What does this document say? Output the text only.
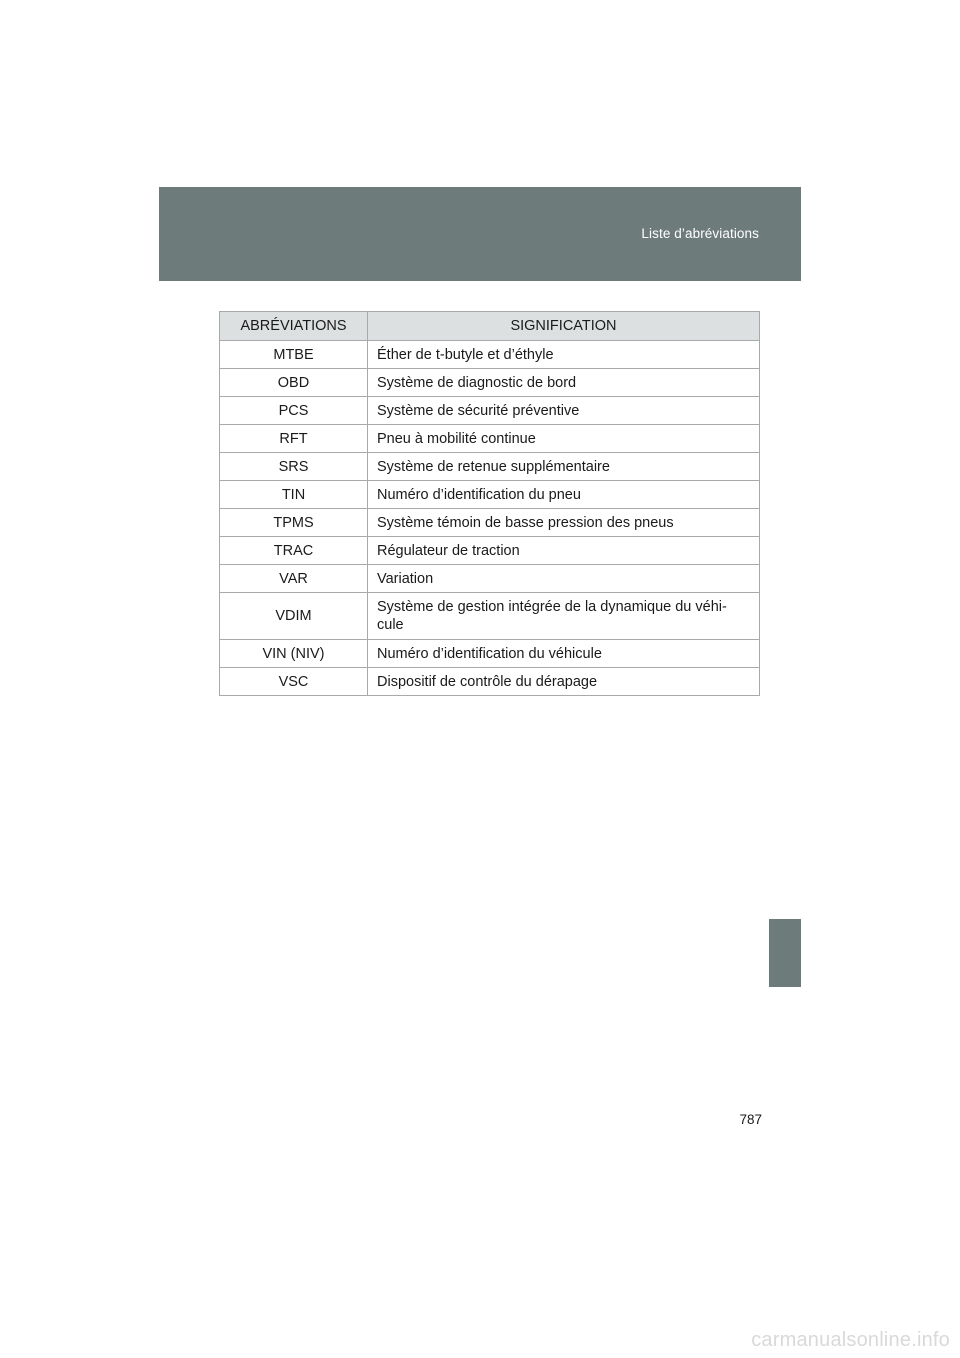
Liste d’abréviations
ABRÉVIATIONS	SIGNIFICATION
MTBE	Éther de t-butyle et d’éthyle
OBD	Système de diagnostic de bord
PCS	Système de sécurité préventive
RFT	Pneu à mobilité continue
SRS	Système de retenue supplémentaire
TIN	Numéro d’identification du pneu
TPMS	Système témoin de basse pression des pneus
TRAC	Régulateur de traction
VAR	Variation
VDIM	Système de gestion intégrée de la dynamique du véhi- cule
VIN (NIV)	Numéro d’identification du véhicule
VSC	Dispositif de contrôle du dérapage
787
carmanualsonline.info
